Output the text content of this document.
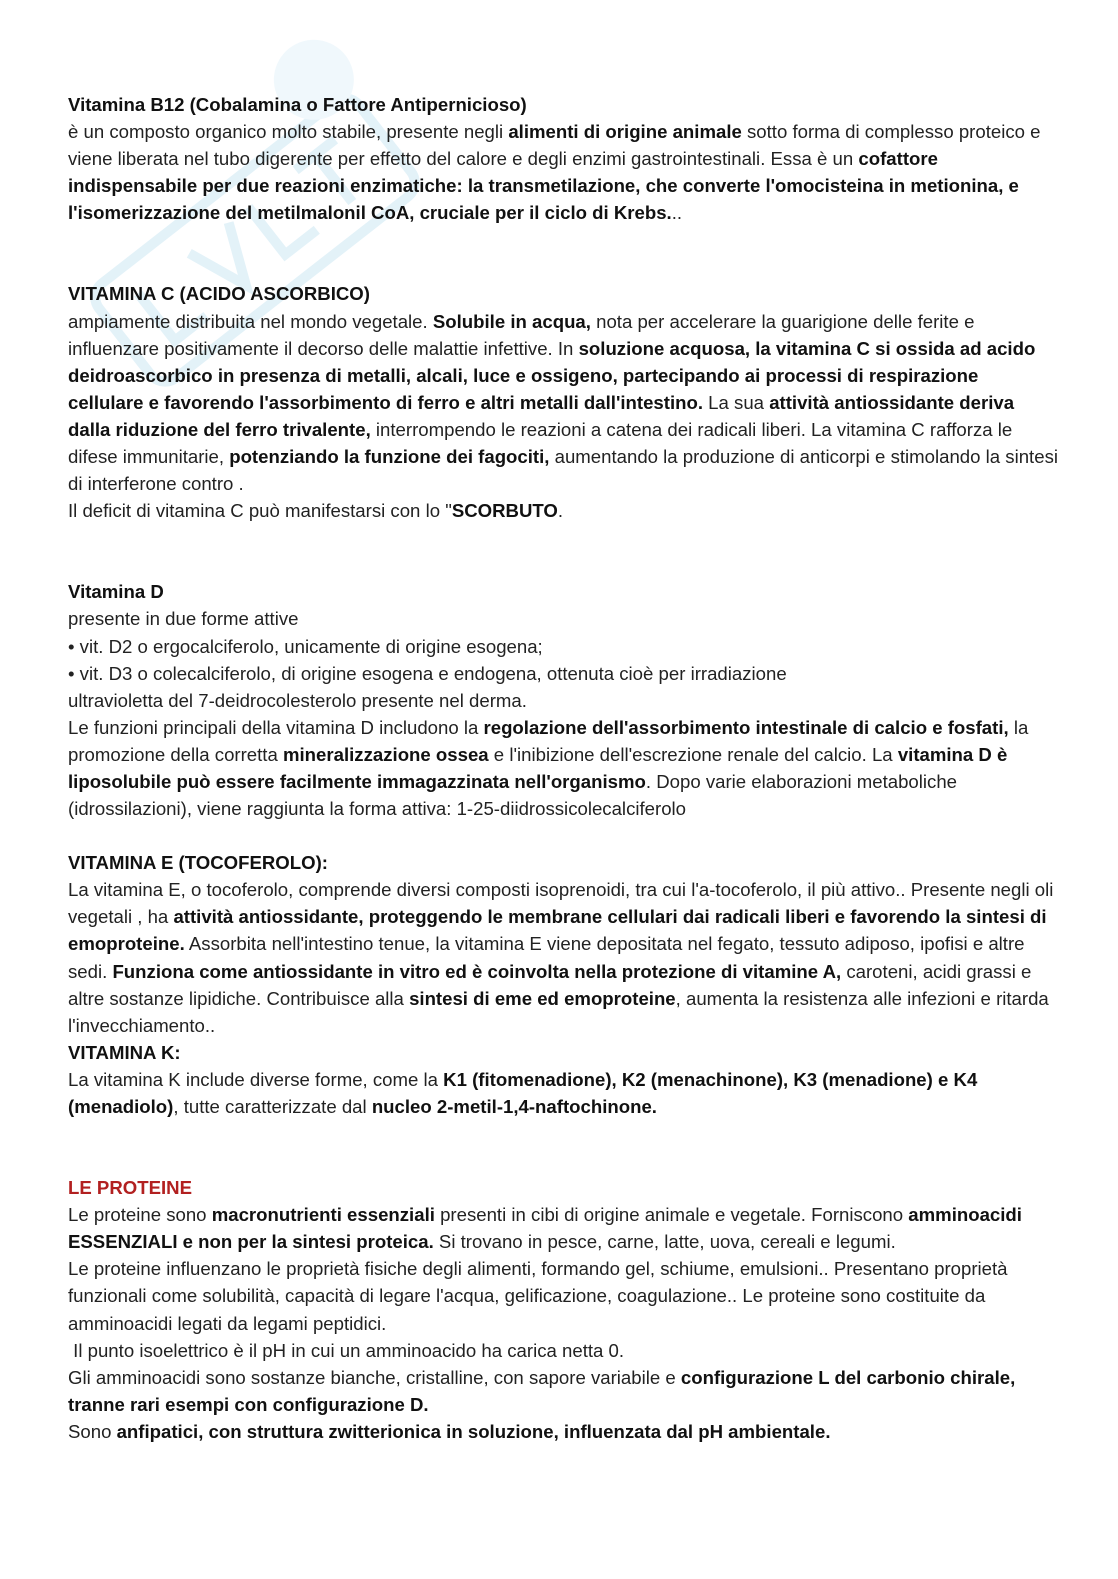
Vitamina B12 (Cobalamina o Fattore Antipernicioso)

è un composto organico molto stabile, presente negli alimenti di origine animale sotto forma di complesso proteico e viene liberata nel tubo digerente per effetto del calore e degli enzimi gastrointestinali. Essa è un cofattore indispensabile per due reazioni enzimatiche: la transmetilazione, che converte l'omocisteina in metionina, e l'isomerizzazione del metilmalonil CoA, cruciale per il ciclo di Krebs...

VITAMINA C (ACIDO ASCORBICO)

ampiamente distribuita nel mondo vegetale. Solubile in acqua, nota per accelerare la guarigione delle ferite e influenzare positivamente il decorso delle malattie infettive. In soluzione acquosa, la vitamina C si ossida ad acido deidroascorbico in presenza di metalli, alcali, luce e ossigeno, partecipando ai processi di respirazione cellulare e favorendo l'assorbimento di ferro e altri metalli dall'intestino. La sua attività antiossidante deriva dalla riduzione del ferro trivalente, interrompendo le reazioni a catena dei radicali liberi. La vitamina C rafforza le difese immunitarie, potenziando la funzione dei fagociti, aumentando la produzione di anticorpi e stimolando la sintesi di interferone contro .

Il deficit di vitamina C può manifestarsi con lo "SCORBUTO.

Vitamina D

presente in due forme attive

• vit. D2 o ergocalciferolo, unicamente di origine esogena;

• vit. D3 o colecalciferolo, di origine esogena e endogena, ottenuta cioè per irradiazione

ultravioletta del 7-deidrocolesterolo presente nel derma.

Le funzioni principali della vitamina D includono la regolazione dell'assorbimento intestinale di calcio e fosfati, la promozione della corretta mineralizzazione ossea e l'inibizione dell'escrezione renale del calcio. La vitamina D è liposolubile può essere facilmente immagazzinata nell'organismo. Dopo varie elaborazioni metaboliche (idrossilazioni), viene raggiunta la forma attiva: 1-25-diidrossicolecalciferolo

VITAMINA E (TOCOFEROLO):

La vitamina E, o tocoferolo, comprende diversi composti isoprenoidi, tra cui l'a-tocoferolo, il più attivo.. Presente negli oli vegetali , ha attività antiossidante, proteggendo le membrane cellulari dai radicali liberi e favorendo la sintesi di emoproteine. Assorbita nell'intestino tenue, la vitamina E viene depositata nel fegato, tessuto adiposo, ipofisi e altre sedi. Funziona come antiossidante in vitro ed è coinvolta nella protezione di vitamine A, caroteni, acidi grassi e altre sostanze lipidiche. Contribuisce alla sintesi di eme ed emoproteine, aumenta la resistenza alle infezioni e ritarda l'invecchiamento..

VITAMINA K:

La vitamina K include diverse forme, come la K1 (fitomenadione), K2 (menachinone), K3 (menadione) e K4 (menadiolo), tutte caratterizzate dal nucleo 2-metil-1,4-naftochinone.

LE PROTEINE

Le proteine sono macronutrienti essenziali presenti in cibi di origine animale e vegetale. Forniscono amminoacidi ESSENZIALI e non per la sintesi proteica. Si trovano in pesce, carne, latte, uova, cereali e legumi.

Le proteine influenzano le proprietà fisiche degli alimenti, formando gel, schiume, emulsioni.. Presentano proprietà funzionali come solubilità, capacità di legare l'acqua, gelificazione, coagulazione.. Le proteine sono costituite da amminoacidi legati da legami peptidici.

Il punto isoelettrico è il pH in cui un amminoacido ha carica netta 0.

Gli amminoacidi sono sostanze bianche, cristalline, con sapore variabile e configurazione L del carbonio chirale, tranne rari esempi con configurazione D.

Sono anfipatici, con struttura zwitterionica in soluzione, influenzata dal pH ambientale.
